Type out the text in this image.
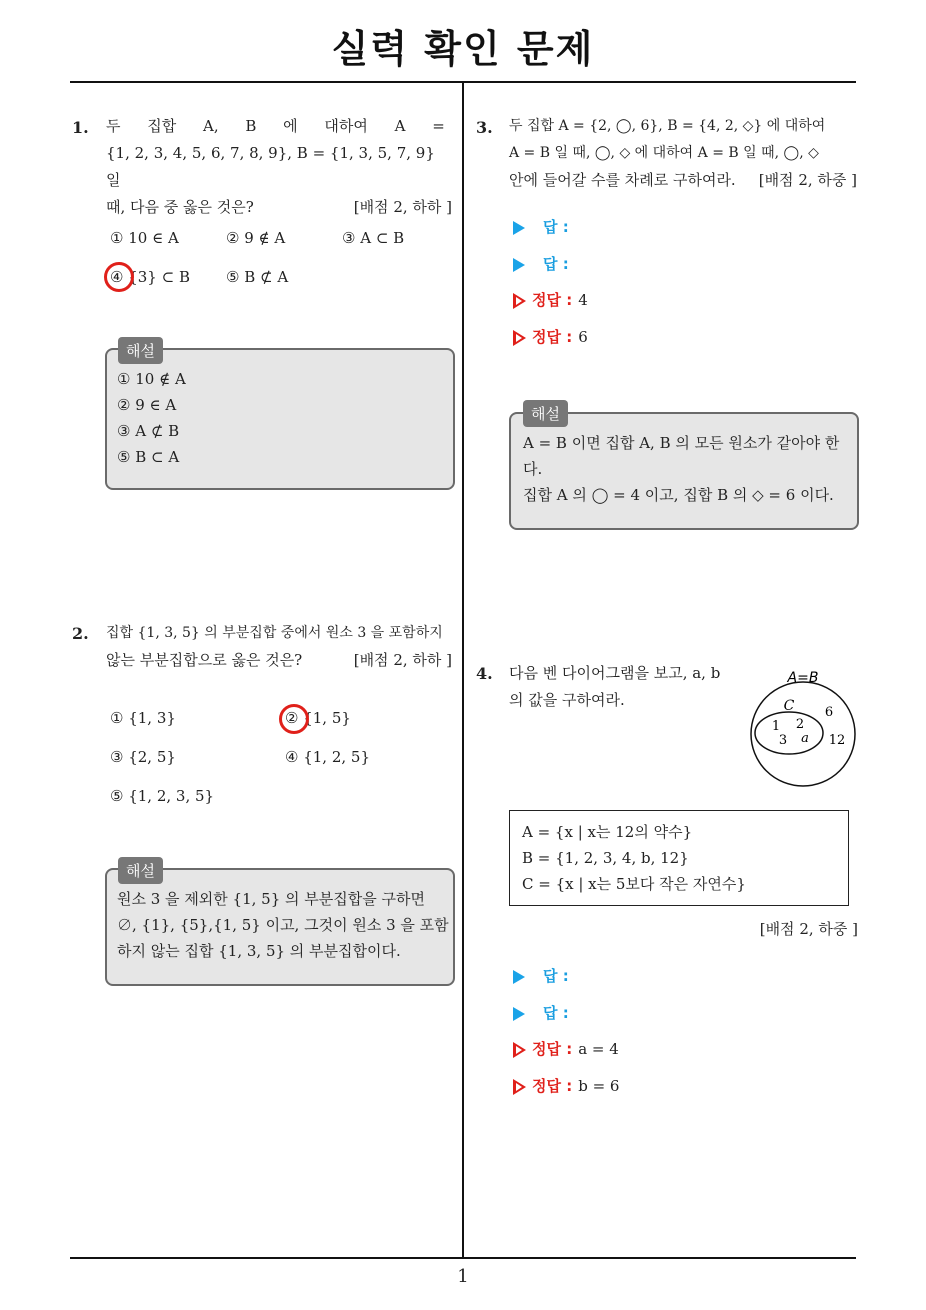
실력 확인 문제
1
1. 두 집합 A, B 에 대하여 A =
{1, 2, 3, 4, 5, 6, 7, 8, 9}, B = {1, 3, 5, 7, 9} 일
때, 다음 중 옳은 것은?	[배점 2, 하하 ]
① 10 ∈ A	② 9 ∉ A	③ A ⊂ B
④ {3} ⊂ B ⑤ B ⊄ A
① 10 ∉ A
② 9 ∈ A
③ A ⊄ B
⑤ B ⊂ A
해설
2. 집합 {1, 3, 5} 의 부분집합 중에서 원소 3 을 포함하지
않는 부분집합으로 옳은 것은?	[배점 2, 하하 ]
① {1, 3}	② {1, 5}
③ {2, 5}	④ {1, 2, 5}
⑤ {1, 2, 3, 5}
원소 3 을 제외한 {1, 5} 의 부분집합을 구하면
∅, {1}, {5},{1, 5} 이고, 그것이 원소 3 을 포함
하지 않는 집합 {1, 3, 5} 의 부분집합이다.
해설
3. 두 집합 A = {2, ◯, 6}, B = {4, 2, ◇} 에 대하여
A = B 일 때, ◯, ◇ 에 대하여 A = B 일 때, ◯, ◇
안에 들어갈 수를 차례로 구하여라. [배점 2, 하중 ]
답 :
답 :
정답 : 4
정답 : 6
A = B 이면 집합 A, B 의 모든 원소가 같아야 한
다.
집합 A 의 ◯ = 4 이고, 집합 B 의 ◇ = 6 이다.
해설
4. 다음 벤 다이어그램을 보고, a, b
의 값을 구하여라.
A=B
C
1 2
3 a
6
12
A = {x | x는 12의 약수}
B = {1, 2, 3, 4, b, 12}
C = {x | x는 5보다 작은 자연수}
[배점 2, 하중 ]
답 :
답 :
정답 : a = 4
정답 : b = 6
